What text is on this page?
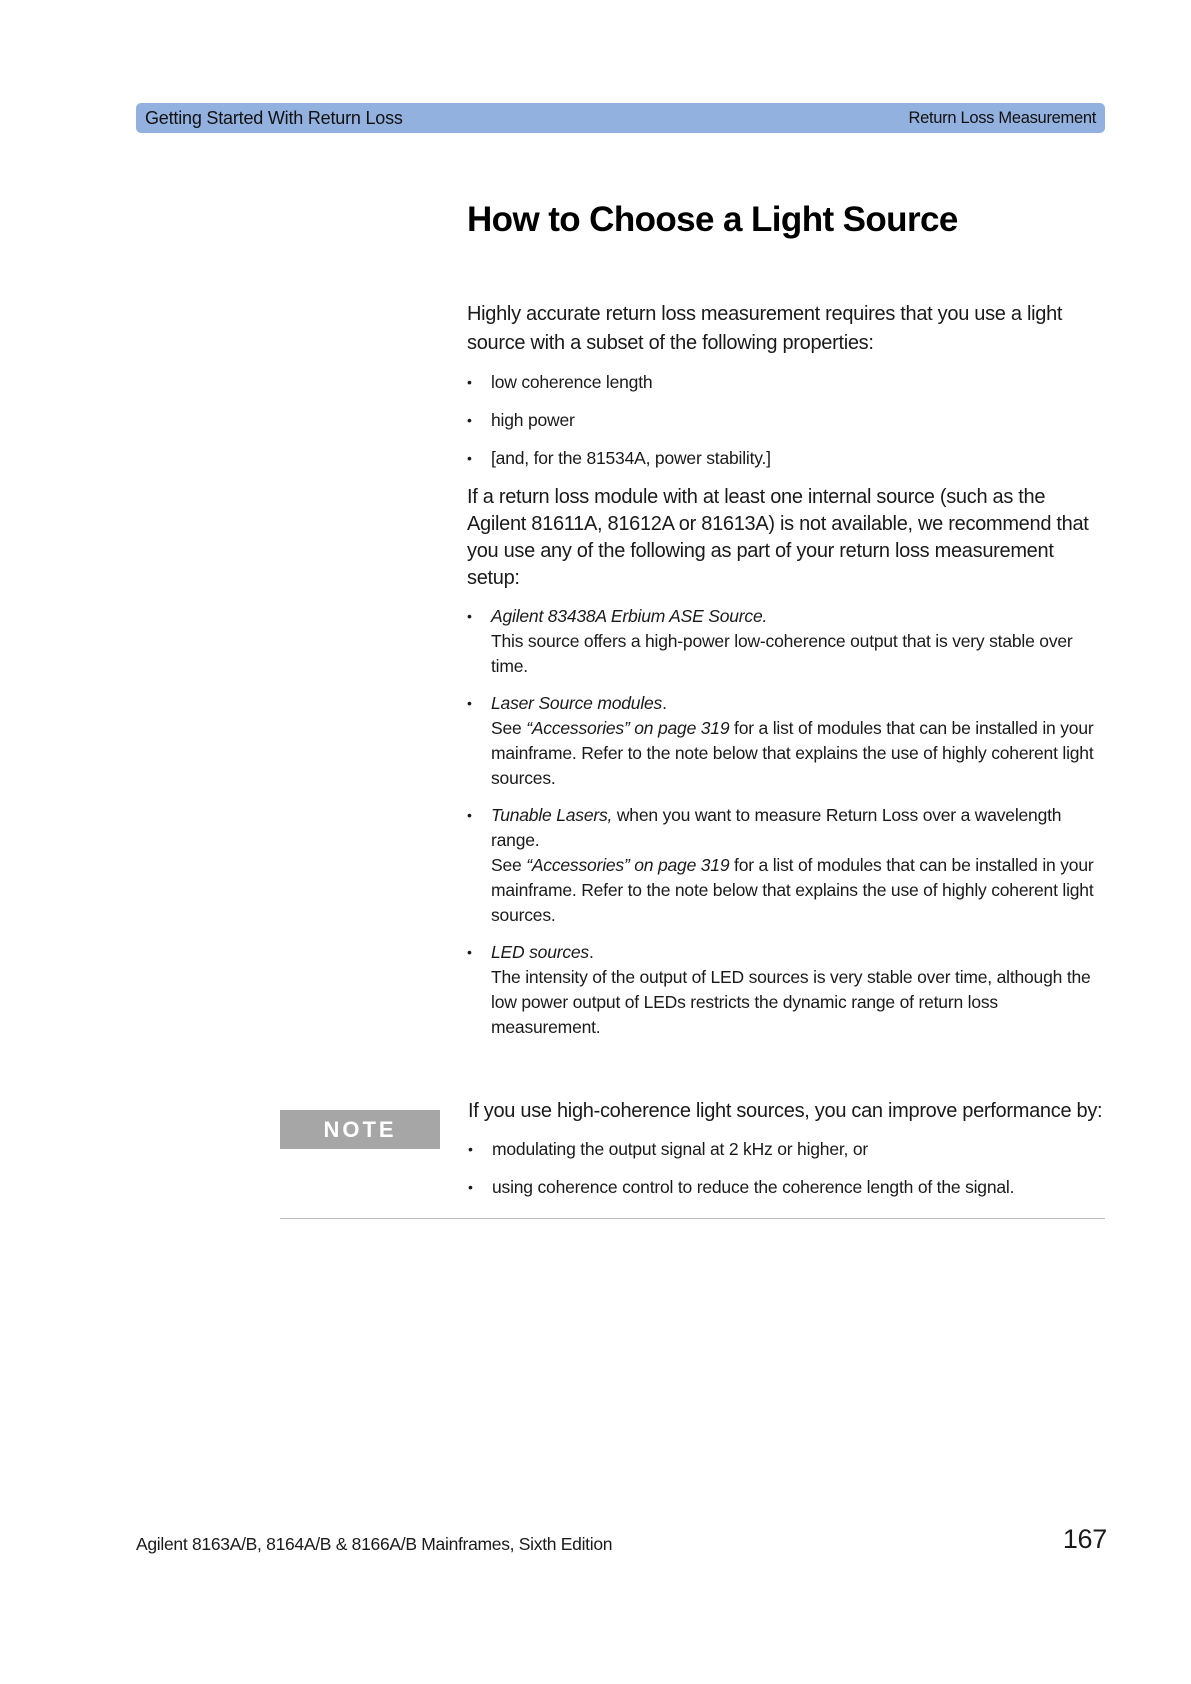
Getting Started With Return Loss	Return Loss Measurement
How to Choose a Light Source

Highly accurate return loss measurement requires that you use a light source with a subset of the following properties:

• low coherence length
• high power
• [and, for the 81534A, power stability.]

If a return loss module with at least one internal source (such as the Agilent 81611A, 81612A or 81613A) is not available, we recommend that you use any of the following as part of your return loss measurement setup:

• Agilent 83438A Erbium ASE Source.
This source offers a high-power low-coherence output that is very stable over time.
• Laser Source modules.
See “Accessories” on page 319 for a list of modules that can be installed in your mainframe. Refer to the note below that explains the use of highly coherent light sources.
• Tunable Lasers, when you want to measure Return Loss over a wavelength range.
See “Accessories” on page 319 for a list of modules that can be installed in your mainframe. Refer to the note below that explains the use of highly coherent light sources.
• LED sources.
The intensity of the output of LED sources is very stable over time, although the low power output of LEDs restricts the dynamic range of return loss measurement.
NOTE

If you use high-coherence light sources, you can improve performance by:

• modulating the output signal at 2 kHz or higher, or
• using coherence control to reduce the coherence length of the signal.
Agilent 8163A/B, 8164A/B & 8166A/B Mainframes, Sixth Edition	167
